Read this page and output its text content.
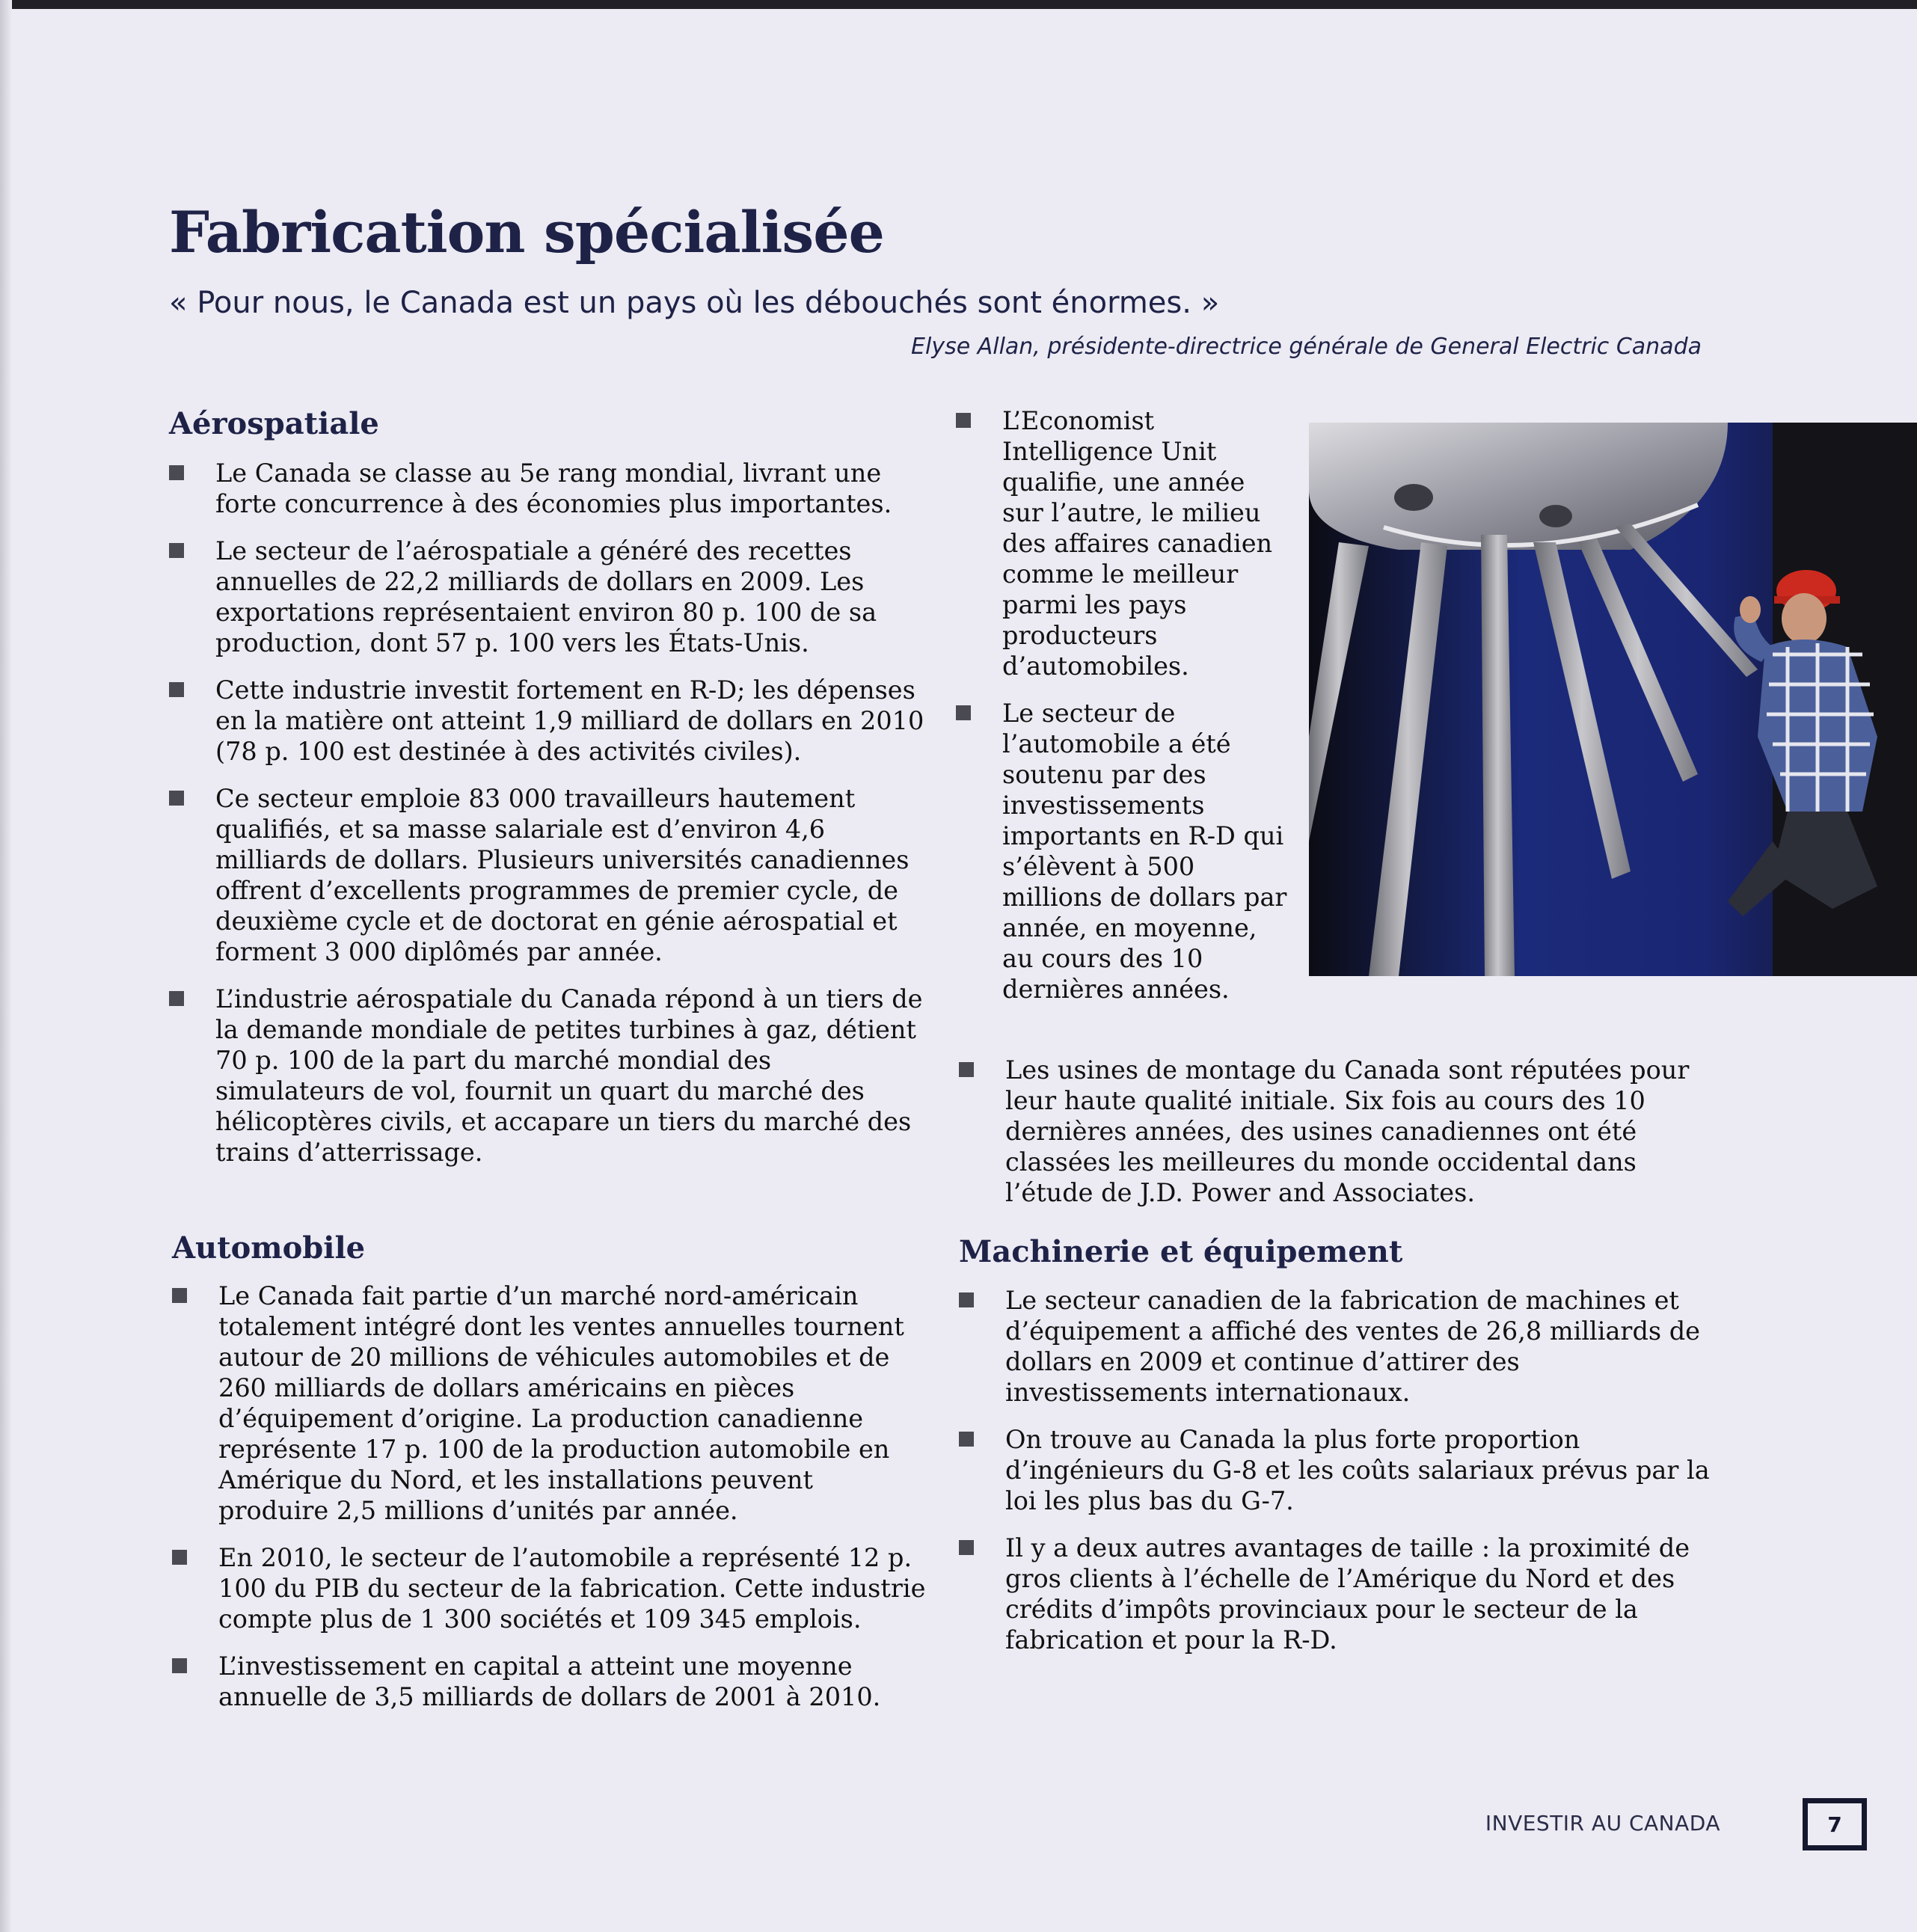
Fabrication spécialisée
« Pour nous, le Canada est un pays où les débouchés sont énormes. »
Elyse Allan, présidente-directrice générale de General Electric Canada
Aérospatiale
Le Canada se classe au 5e rang mondial, livrant une forte concurrence à des économies plus importantes.
Le secteur de l’aérospatiale a généré des recettes annuelles de 22,2 milliards de dollars en 2009. Les exportations représentaient environ 80 p. 100 de sa production, dont 57 p. 100 vers les États-Unis.
Cette industrie investit fortement en R-D; les dépenses en la matière ont atteint 1,9 milliard de dollars en 2010 (78 p. 100 est destinée à des activités civiles).
Ce secteur emploie 83 000 travailleurs hautement qualifiés, et sa masse salariale est d’environ 4,6 milliards de dollars. Plusieurs universités canadiennes offrent d’excellents programmes de premier cycle, de deuxième cycle et de doctorat en génie aérospatial et forment 3 000 diplômés par année.
L’industrie aérospatiale du Canada répond à un tiers de la demande mondiale de petites turbines à gaz, détient 70 p. 100 de la part du marché mondial des simulateurs de vol, fournit un quart du marché des hélicoptères civils, et accapare un tiers du marché des trains d’atterrissage.
Automobile
Le Canada fait partie d’un marché nord-américain totalement intégré dont les ventes annuelles tournent autour de 20 millions de véhicules automobiles et de 260 milliards de dollars américains en pièces d’équipement d’origine. La production canadienne représente 17 p. 100 de la production automobile en Amérique du Nord, et les installations peuvent produire 2,5 millions d’unités par année.
En 2010, le secteur de l’automobile a représenté 12 p. 100 du PIB du secteur de la fabrication. Cette industrie compte plus de 1 300 sociétés et 109 345 emplois.
L’investissement en capital a atteint une moyenne annuelle de 3,5 milliards de dollars de 2001 à 2010.
L’Economist Intelligence Unit qualifie, une année sur l’autre, le milieu des affaires canadien comme le meilleur parmi les pays producteurs d’automobiles.
Le secteur de l’automobile a été soutenu par des investissements importants en R-D qui s’élèvent à 500 millions de dollars par année, en moyenne, au cours des 10 dernières années.
Les usines de montage du Canada sont réputées pour leur haute qualité initiale. Six fois au cours des 10 dernières années, des usines canadiennes ont été classées les meilleures du monde occidental dans l’étude de J.D. Power and Associates.
Machinerie et équipement
Le secteur canadien de la fabrication de machines et d’équipement a affiché des ventes de 26,8 milliards de dollars en 2009 et continue d’attirer des investissements internationaux.
On trouve au Canada la plus forte proportion d’ingénieurs du G-8 et les coûts salariaux prévus par la loi les plus bas du G-7.
Il y a deux autres avantages de taille : la proximité de gros clients à l’échelle de l’Amérique du Nord et des crédits d’impôts provinciaux pour le secteur de la fabrication et pour la R-D.
INVESTIR AU CANADA	7
